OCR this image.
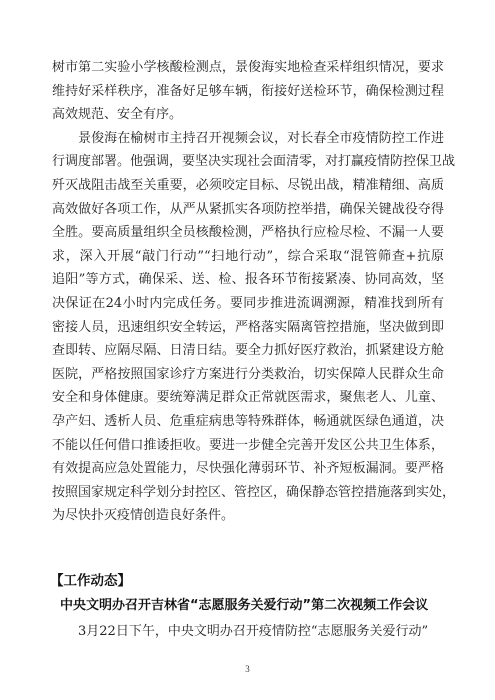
树市第二实验小学核酸检测点，景俊海实地检查采样组织情况，要求
维持好采样秩序，准备好足够车辆，衔接好送检环节，确保检测过程
高效规范、安全有序。
景俊海在榆树市主持召开视频会议，对长春全市疫情防控工作进
行调度部署。他强调，要坚决实现社会面清零，对打赢疫情防控保卫战
歼灭战阻击战至关重要，必须咬定目标、尽锐出战，精准精细、高质
高效做好各项工作，从严从紧抓实各项防控举措，确保关键战役夺得
全胜。要高质量组织全员核酸检测，严格执行应检尽检、不漏一人要
求，深入开展“敲门行动”“扫地行动”，综合采取“混管筛查+抗原
追阳”等方式，确保采、送、检、报各环节衔接紧凑、协同高效，坚
决保证在24小时内完成任务。要同步推进流调溯源，精准找到所有
密接人员，迅速组织安全转运，严格落实隔离管控措施，坚决做到即
查即转、应隔尽隔、日清日结。要全力抓好医疗救治，抓紧建设方舱
医院，严格按照国家诊疗方案进行分类救治，切实保障人民群众生命
安全和身体健康。要统筹满足群众正常就医需求，聚焦老人、儿童、
孕产妇、透析人员、危重症病患等特殊群体，畅通就医绿色通道，决
不能以任何借口推诿拒收。要进一步健全完善开发区公共卫生体系，
有效提高应急处置能力，尽快强化薄弱环节、补齐短板漏洞。要严格
按照国家规定科学划分封控区、管控区，确保静态管控措施落到实处，
为尽快扑灭疫情创造良好条件。
【工作动态】
中央文明办召开吉林省“志愿服务关爱行动”第二次视频工作会议
3月22日下午，中央文明办召开疫情防控“志愿服务关爱行动”
3
